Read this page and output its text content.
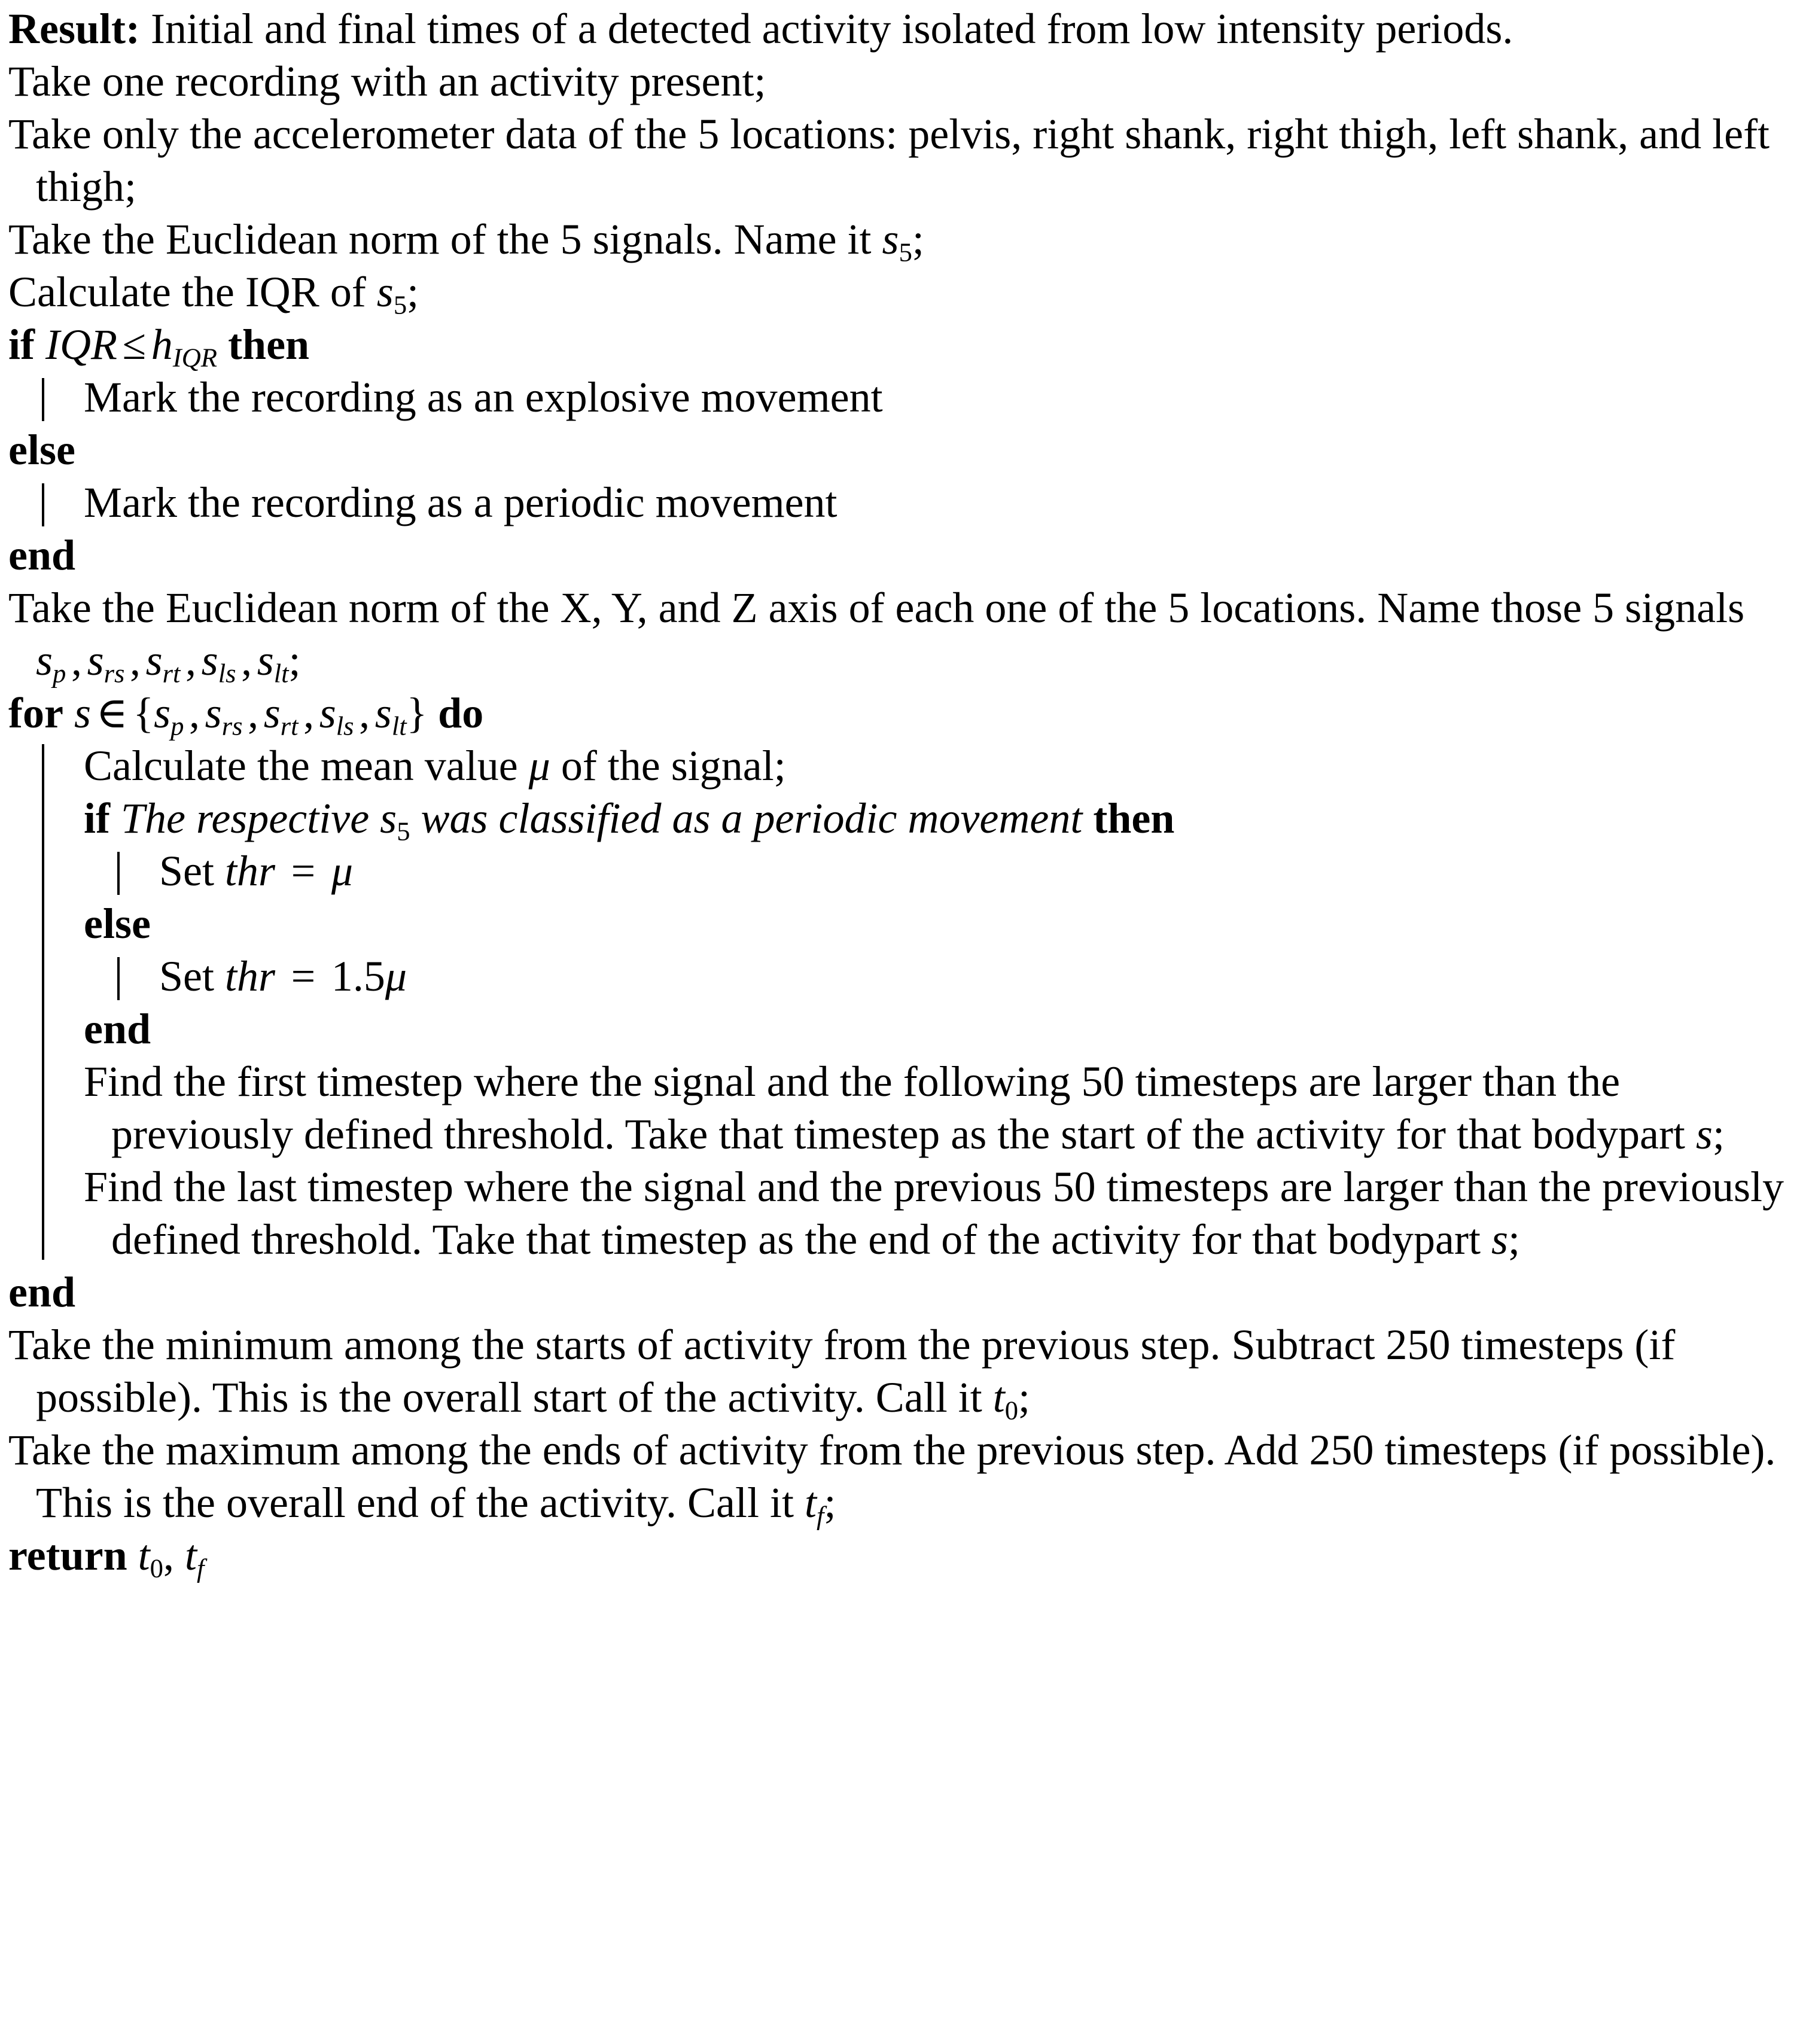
Result: Initial and final times of a detected activity isolated from low intensity periods.
Take one recording with an activity present;
Take only the accelerometer data of the 5 locations: pelvis, right shank, right thigh, left shank, and left thigh;
Take the Euclidean norm of the 5 signals. Name it $s_5$;
Calculate the IQR of $s_5$;
if IQR ≤ $h_{IQR}$ then
Mark the recording as an explosive movement
else
Mark the recording as a periodic movement
end
Take the Euclidean norm of the X, Y, and Z axis of each one of the 5 locations. Name those 5 signals $s_p$ , $s_{rs}$ , $s_{rt}$ , $s_{ls}$ , $s_{lt}$;
for s ∈ {$s_p$ , $s_{rs}$ , $s_{rt}$ , $s_{ls}$ , $s_{lt}$} do
Calculate the mean value μ of the signal;
if The respective $s_5$ was classified as a periodic movement then
Set thr = μ
else
Set thr = 1.5μ
end
Find the first timestep where the signal and the following 50 timesteps are larger than the previously defined threshold. Take that timestep as the start of the activity for that bodypart s;
Find the last timestep where the signal and the previous 50 timesteps are larger than the previously defined threshold. Take that timestep as the end of the activity for that bodypart s;
end
Take the minimum among the starts of activity from the previous step. Subtract 250 timesteps (if possible). This is the overall start of the activity. Call it $t_0$;
Take the maximum among the ends of activity from the previous step. Add 250 timesteps (if possible). This is the overall end of the activity. Call it $t_f$;
return $t_0$, $t_f$
